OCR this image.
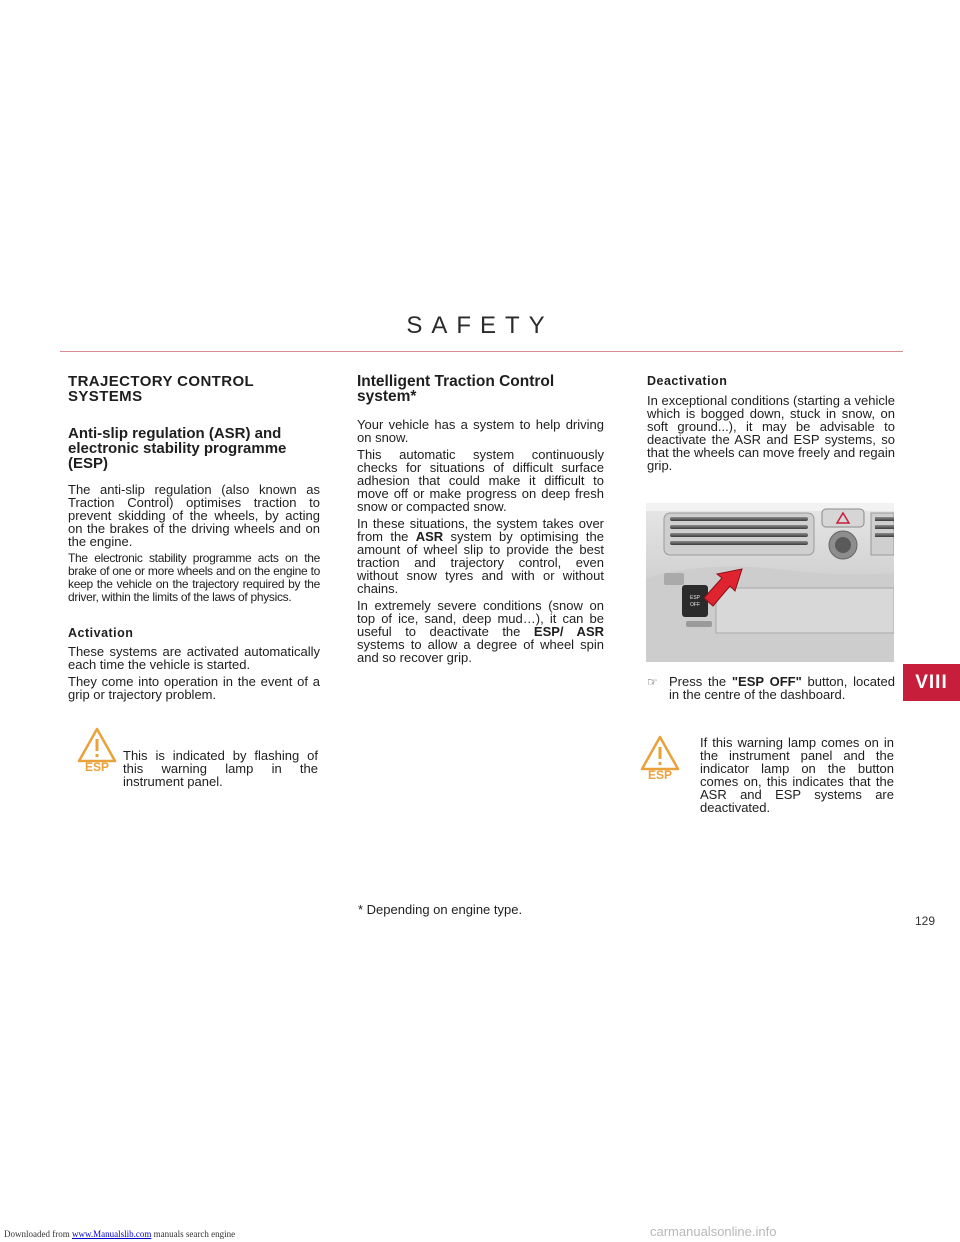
SAFETY
VIII
TRAJECTORY CONTROL SYSTEMS
Anti-slip regulation (ASR) and electronic stability programme (ESP)

The anti-slip regulation (also known as Traction Control) optimises traction to prevent skidding of the wheels, by acting on the brakes of the driving wheels and on the engine.

The electronic stability programme acts on the brake of one or more wheels and on the engine to keep the vehicle on the trajectory required by the driver, within the limits of the laws of physics.

Activation

These systems are activated automatically each time the vehicle is started.

They come into operation in the event of a grip or trajectory problem.

ESP

This is indicated by flashing of this warning lamp in the instrument panel.

Intelligent Traction Control system*

Your vehicle has a system to help driving on snow.

This automatic system continuously checks for situations of difficult surface adhesion that could make it difficult to move off or make progress on deep fresh snow or compacted snow.

In these situations, the system takes over from the ASR system by optimising the amount of wheel slip to provide the best traction and trajectory control, even without snow tyres and with or without chains.

In extremely severe conditions (snow on top of ice, sand, deep mud…), it can be useful to deactivate the ESP/ ASR systems to allow a degree of wheel spin and so recover grip.

Deactivation

In exceptional conditions (starting a vehicle which is bogged down, stuck in snow, on soft ground...), it may be advisable to deactivate the ASR and ESP systems, so that the wheels can move freely and regain grip.

ESP
OFF
☞ Press the "ESP OFF" button, located in the centre of the dashboard.

ESP

If this warning lamp comes on in the instrument panel and the indicator lamp on the button comes on, this indicates that the ASR and ESP systems are deactivated.

* Depending on engine type.
129
Downloaded from www.Manualslib.com manuals search engine	carmanualsonline.info
